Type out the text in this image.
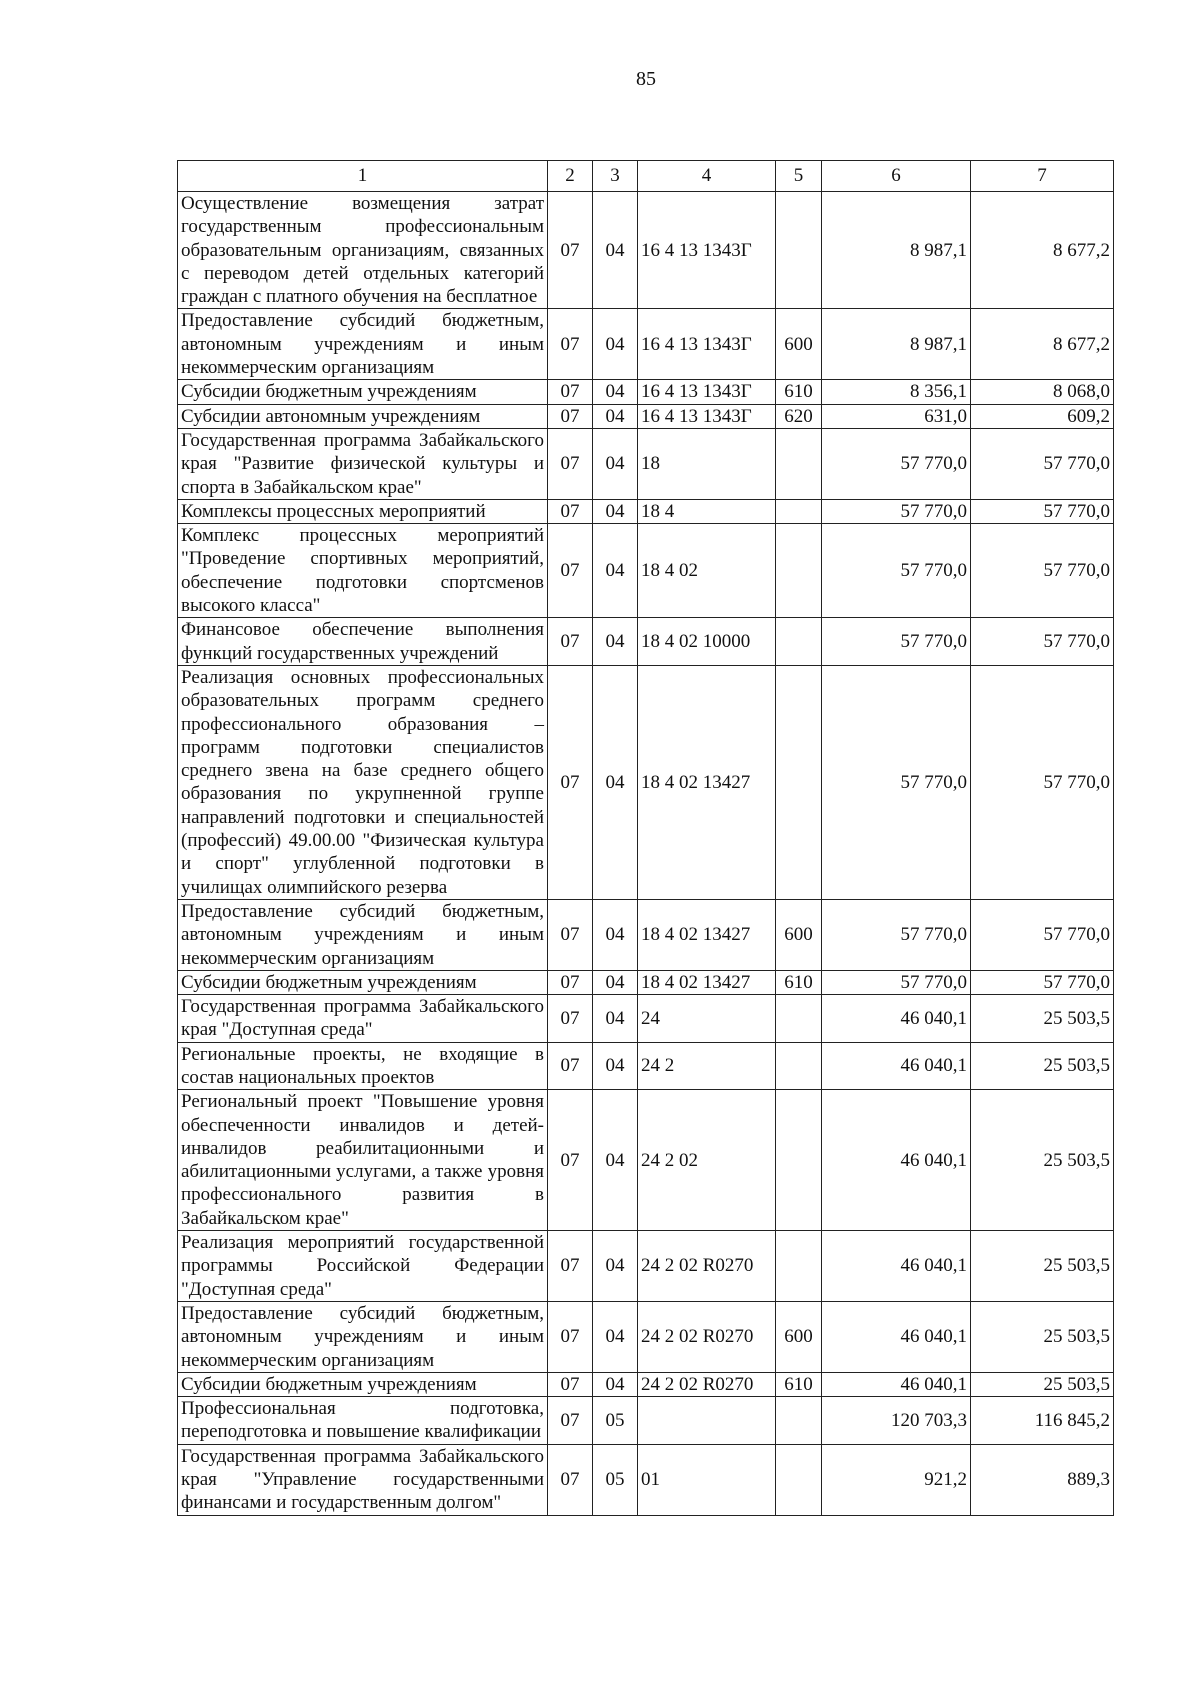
85
1	2	3	4	5	6	7
Осуществление возмещения затрат государственным профессиональным образовательным организациям, связанных с переводом детей отдельных категорий граждан с платного обучения на бесплатное	07	04	16 4 13 1343Г		8 987,1	8 677,2
Предоставление субсидий бюджетным, автономным учреждениям и иным некоммерческим организациям	07	04	16 4 13 1343Г	600	8 987,1	8 677,2
Субсидии бюджетным учреждениям	07	04	16 4 13 1343Г	610	8 356,1	8 068,0
Субсидии автономным учреждениям	07	04	16 4 13 1343Г	620	631,0	609,2
Государственная программа Забайкальского края "Развитие физической культуры и спорта в Забайкальском крае"	07	04	18		57 770,0	57 770,0
Комплексы процессных мероприятий	07	04	18 4		57 770,0	57 770,0
Комплекс процессных мероприятий "Проведение спортивных мероприятий, обеспечение подготовки спортсменов высокого класса"	07	04	18 4 02		57 770,0	57 770,0
Финансовое обеспечение выполнения функций государственных учреждений	07	04	18 4 02 10000		57 770,0	57 770,0
Реализация основных профессиональных образовательных программ среднего профессионального образования – программ подготовки специалистов среднего звена на базе среднего общего образования по укрупненной группе направлений подготовки и специальностей (профессий) 49.00.00 "Физическая культура и спорт" углубленной подготовки в училищах олимпийского резерва	07	04	18 4 02 13427		57 770,0	57 770,0
Предоставление субсидий бюджетным, автономным учреждениям и иным некоммерческим организациям	07	04	18 4 02 13427	600	57 770,0	57 770,0
Субсидии бюджетным учреждениям	07	04	18 4 02 13427	610	57 770,0	57 770,0
Государственная программа Забайкальского края "Доступная среда"	07	04	24		46 040,1	25 503,5
Региональные проекты, не входящие в состав национальных проектов	07	04	24 2		46 040,1	25 503,5
Региональный проект "Повышение уровня обеспеченности инвалидов и детей-инвалидов реабилитационными и абилитационными услугами, а также уровня профессионального развития в Забайкальском крае"	07	04	24 2 02		46 040,1	25 503,5
Реализация мероприятий государственной программы Российской Федерации "Доступная среда"	07	04	24 2 02 R0270		46 040,1	25 503,5
Предоставление субсидий бюджетным, автономным учреждениям и иным некоммерческим организациям	07	04	24 2 02 R0270	600	46 040,1	25 503,5
Субсидии бюджетным учреждениям	07	04	24 2 02 R0270	610	46 040,1	25 503,5
Профессиональная подготовка, переподготовка и повышение квалификации	07	05			120 703,3	116 845,2
Государственная программа Забайкальского края "Управление государственными финансами и государственным долгом"	07	05	01		921,2	889,3
